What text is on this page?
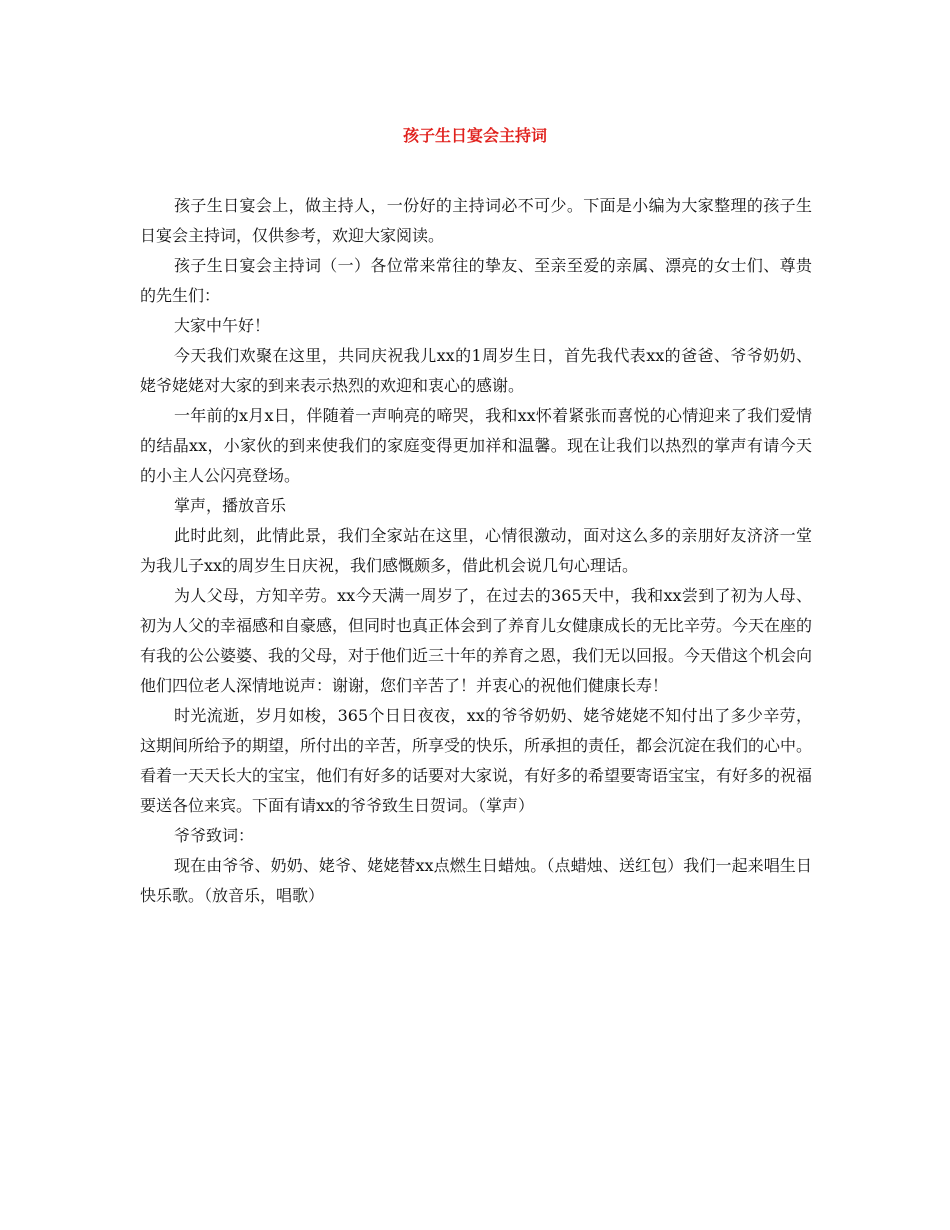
孩子生日宴会主持词

孩子生日宴会上，做主持人，一份好的主持词必不可少。下面是小编为大家整理的孩子生日宴会主持词，仅供参考，欢迎大家阅读。

孩子生日宴会主持词（一）各位常来常往的挚友、至亲至爱的亲属、漂亮的女士们、尊贵的先生们：

大家中午好！

今天我们欢聚在这里，共同庆祝我儿xx的1周岁生日，首先我代表xx的爸爸、爷爷奶奶、姥爷姥姥对大家的到来表示热烈的欢迎和衷心的感谢。

一年前的x月x日，伴随着一声响亮的啼哭，我和xx怀着紧张而喜悦的心情迎来了我们爱情的结晶xx，小家伙的到来使我们的家庭变得更加祥和温馨。现在让我们以热烈的掌声有请今天的小主人公闪亮登场。

掌声，播放音乐

此时此刻，此情此景，我们全家站在这里，心情很激动，面对这么多的亲朋好友济济一堂为我儿子xx的周岁生日庆祝，我们感慨颇多，借此机会说几句心理话。

为人父母，方知辛劳。xx今天满一周岁了，在过去的365天中，我和xx尝到了初为人母、初为人父的幸福感和自豪感，但同时也真正体会到了养育儿女健康成长的无比辛劳。今天在座的有我的公公婆婆、我的父母，对于他们近三十年的养育之恩，我们无以回报。今天借这个机会向他们四位老人深情地说声：谢谢，您们辛苦了！并衷心的祝他们健康长寿！

时光流逝，岁月如梭，365个日日夜夜，xx的爷爷奶奶、姥爷姥姥不知付出了多少辛劳，这期间所给予的期望，所付出的辛苦，所享受的快乐，所承担的责任，都会沉淀在我们的心中。看着一天天长大的宝宝，他们有好多的话要对大家说，有好多的希望要寄语宝宝，有好多的祝福要送各位来宾。下面有请xx的爷爷致生日贺词。（掌声）

爷爷致词：

现在由爷爷、奶奶、姥爷、姥姥替xx点燃生日蜡烛。（点蜡烛、送红包）我们一起来唱生日快乐歌。（放音乐，唱歌）
